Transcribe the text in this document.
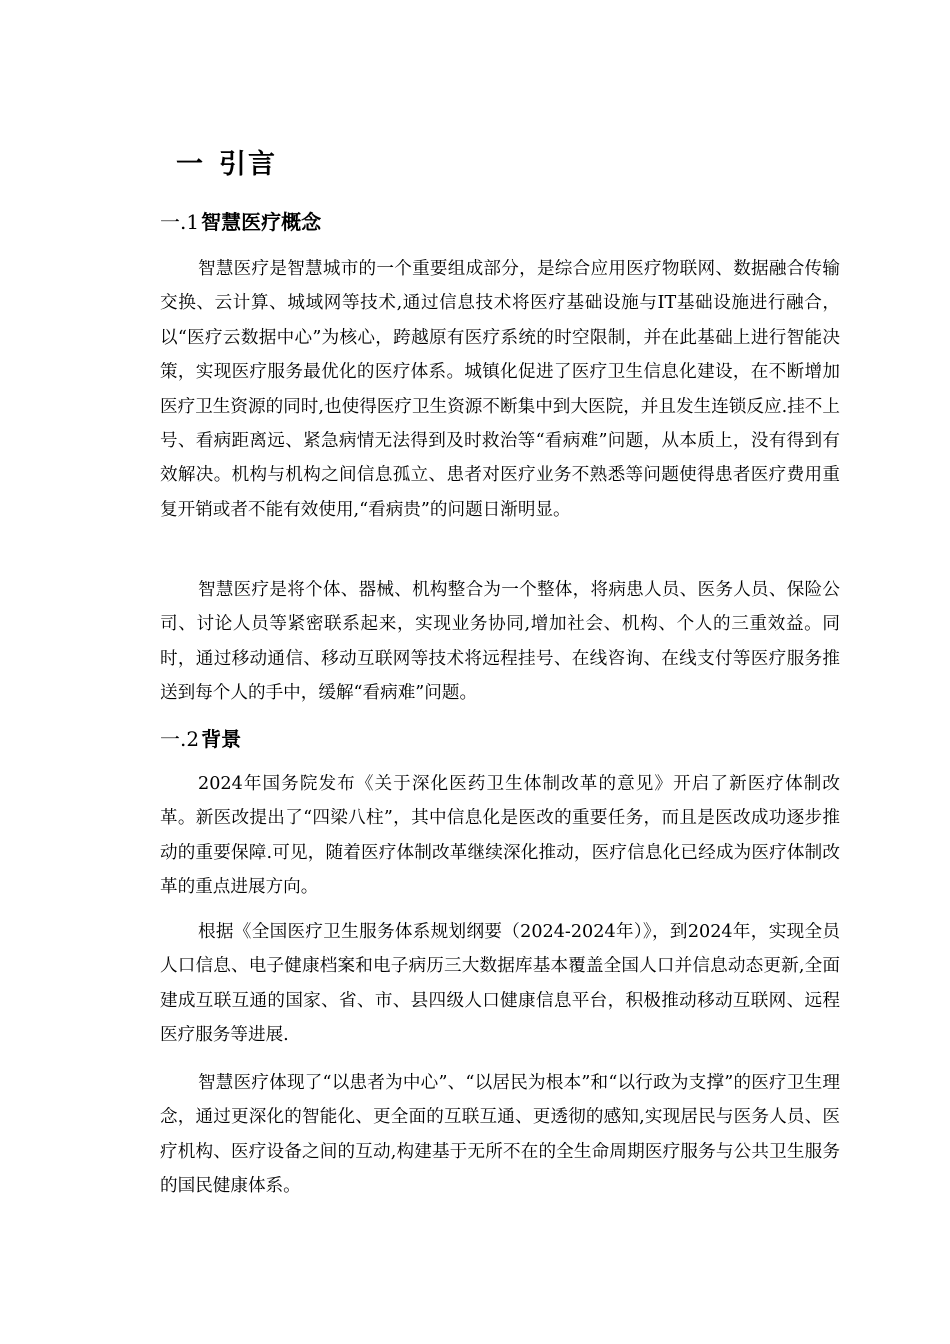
一 引言
一.1 智慧医疗概念

智慧医疗是智慧城市的一个重要组成部分，是综合应用医疗物联网、数据融合传输交换、云计算、城域网等技术,通过信息技术将医疗基础设施与IT基础设施进行融合，以“医疗云数据中心”为核心，跨越原有医疗系统的时空限制，并在此基础上进行智能决策，实现医疗服务最优化的医疗体系。城镇化促进了医疗卫生信息化建设，在不断增加医疗卫生资源的同时,也使得医疗卫生资源不断集中到大医院，并且发生连锁反应.挂不上号、看病距离远、紧急病情无法得到及时救治等“看病难”问题，从本质上，没有得到有效解决。机构与机构之间信息孤立、患者对医疗业务不熟悉等问题使得患者医疗费用重复开销或者不能有效使用,“看病贵”的问题日渐明显。

智慧医疗是将个体、器械、机构整合为一个整体，将病患人员、医务人员、保险公司、讨论人员等紧密联系起来，实现业务协同,增加社会、机构、个人的三重效益。同时，通过移动通信、移动互联网等技术将远程挂号、在线咨询、在线支付等医疗服务推送到每个人的手中，缓解“看病难”问题。

一.2 背景

2024年国务院发布《关于深化医药卫生体制改革的意见》开启了新医疗体制改革。新医改提出了“四梁八柱”，其中信息化是医改的重要任务，而且是医改成功逐步推动的重要保障.可见，随着医疗体制改革继续深化推动，医疗信息化已经成为医疗体制改革的重点进展方向。

根据《全国医疗卫生服务体系规划纲要（2024-2024年）》，到2024年，实现全员人口信息、电子健康档案和电子病历三大数据库基本覆盖全国人口并信息动态更新,全面建成互联互通的国家、省、市、县四级人口健康信息平台，积极推动移动互联网、远程医疗服务等进展.

智慧医疗体现了“以患者为中心”、“以居民为根本”和“以行政为支撑”的医疗卫生理念，通过更深化的智能化、更全面的互联互通、更透彻的感知,实现居民与医务人员、医疗机构、医疗设备之间的互动,构建基于无所不在的全生命周期医疗服务与公共卫生服务的国民健康体系。
